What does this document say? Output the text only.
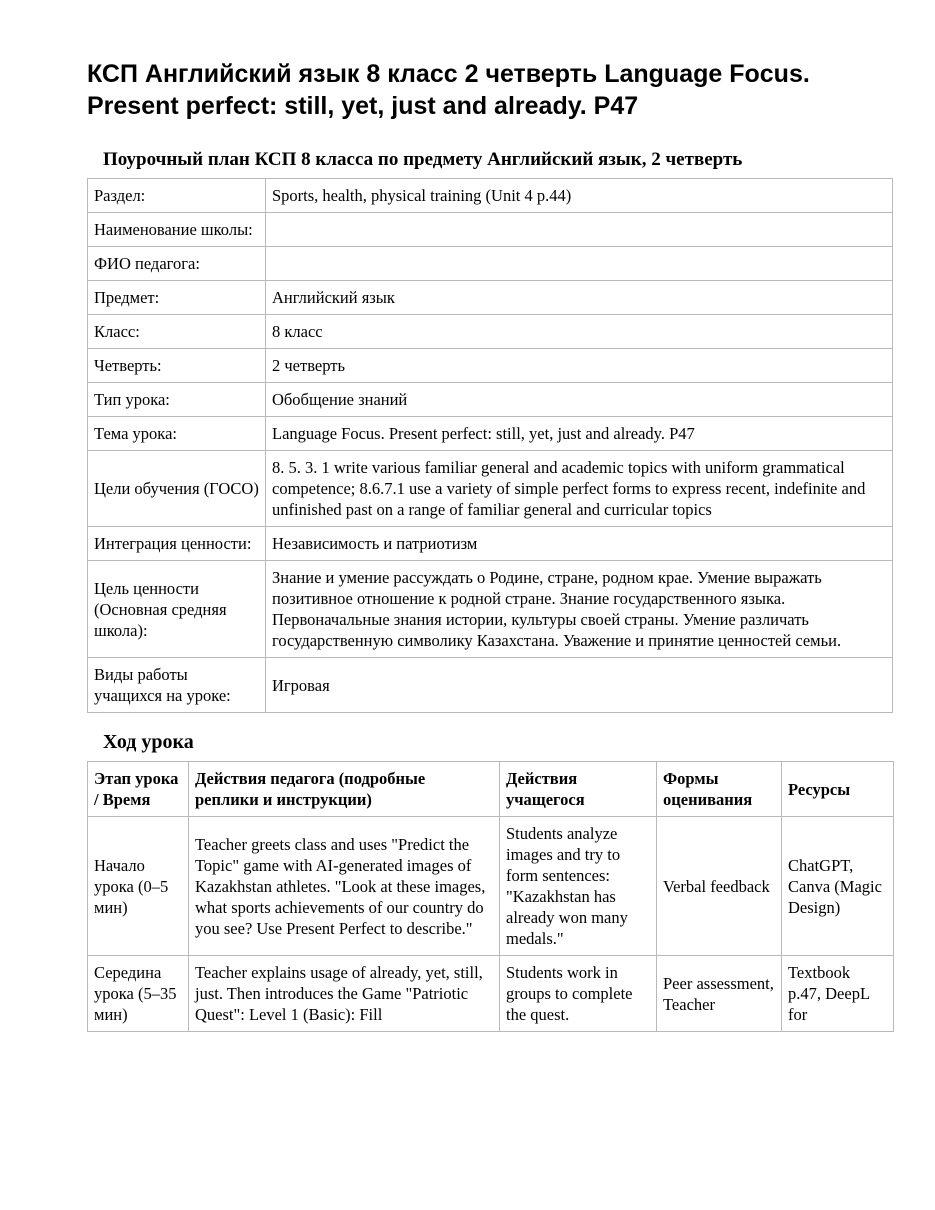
КСП Английский язык 8 класс 2 четверть Language Focus. Present perfect: still, yet, just and already. P47
Поурочный план КСП 8 класса по предмету Английский язык, 2 четверть
Раздел:	Sports, health, physical training (Unit 4 p.44)
Наименование школы:	
ФИО педагога:	
Предмет:	Английский язык
Класс:	8 класс
Четверть:	2 четверть
Тип урока:	Обобщение знаний
Тема урока:	Language Focus. Present perfect: still, yet, just and already. P47
Цели обучения (ГОСО)	8. 5. 3. 1 write various familiar general and academic topics with uniform grammatical competence; 8.6.7.1 use a variety of simple perfect forms to express recent, indefinite and unfinished past on a range of familiar general and curricular topics
Интеграция ценности:	Независимость и патриотизм
Цель ценности (Основная средняя школа):	Знание и умение рассуждать о Родине, стране, родном крае. Умение выражать позитивное отношение к родной стране. Знание государственного языка. Первоначальные знания истории, культуры своей страны. Умение различать государственную символику Казахстана. Уважение и принятие ценностей семьи.
Виды работы учащихся на уроке:	Игровая
Ход урока
Этап урока / Время	Действия педагога (подробные реплики и инструкции)	Действия учащегося	Формы оценивания	Ресурсы
Начало урока (0–5 мин)	Teacher greets class and uses "Predict the Topic" game with AI-generated images of Kazakhstan athletes. "Look at these images, what sports achievements of our country do you see? Use Present Perfect to describe."	Students analyze images and try to form sentences: "Kazakhstan has already won many medals."	Verbal feedback	ChatGPT, Canva (Magic Design)
Середина урока (5–35 мин)	Teacher explains usage of already, yet, still, just. Then introduces the Game "Patriotic Quest": Level 1 (Basic): Fill	Students work in groups to complete the quest.	Peer assessment, Teacher	Textbook p.47, DeepL for
